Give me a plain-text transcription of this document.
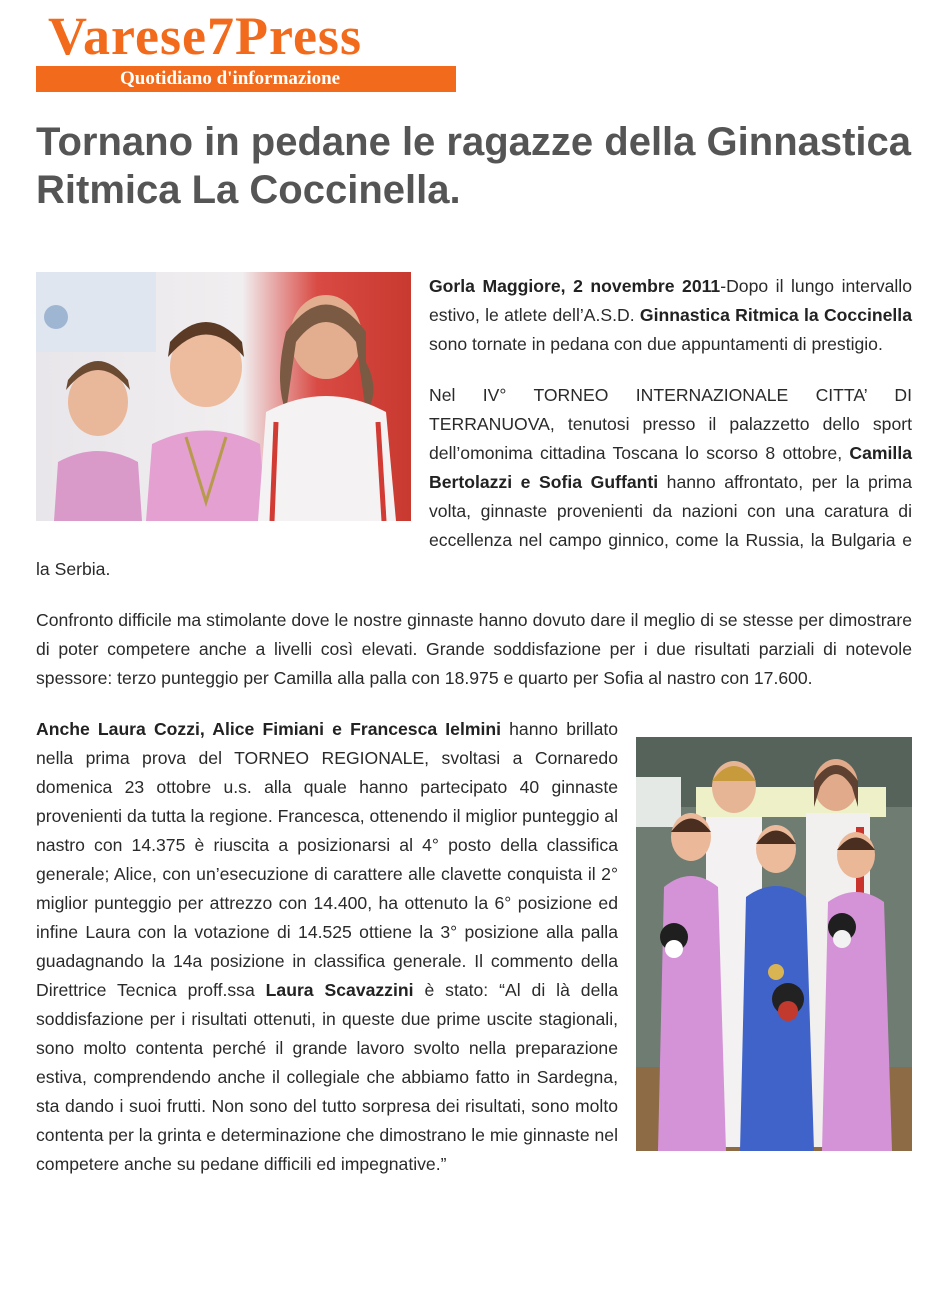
Varese7Press
Quotidiano d'informazione
Tornano in pedane le ragazze della Ginnastica Ritmica La Coccinella.

Gorla Maggiore, 2 novembre 2011-Dopo il lungo intervallo estivo, le atlete dell’A.S.D. Ginnastica Ritmica la Coccinella sono tornate in pedana con due appuntamenti di prestigio.

Nel IV° TORNEO INTERNAZIONALE CITTA’ DI TERRANUOVA, tenutosi presso il palazzetto dello sport dell’omonima cittadina Toscana lo scorso 8 ottobre, Camilla Bertolazzi e Sofia Guffanti hanno affrontato, per la prima volta, ginnaste provenienti da nazioni con una caratura di eccellenza nel campo ginnico, come la Russia, la Bulgaria e la Serbia.

Confronto difficile ma stimolante dove le nostre ginnaste hanno dovuto dare il meglio di se stesse per dimostrare di poter competere anche a livelli così elevati. Grande soddisfazione per i due risultati parziali di notevole spessore: terzo punteggio per Camilla alla palla con 18.975 e quarto per Sofia al nastro con 17.600.

Anche Laura Cozzi, Alice Fimiani e Francesca Ielmini hanno brillato nella prima prova del TORNEO REGIONALE, svoltasi a Cornaredo domenica 23 ottobre u.s. alla quale hanno partecipato 40 ginnaste provenienti da tutta la regione. Francesca, ottenendo il miglior punteggio al nastro con 14.375 è riuscita a posizionarsi al 4° posto della classifica generale; Alice, con un’esecuzione di carattere alle clavette conquista il 2° miglior punteggio per attrezzo con 14.400, ha ottenuto la 6° posizione ed infine Laura con la votazione di 14.525 ottiene la 3° posizione alla palla guadagnando la 14a posizione in classifica generale. Il commento della Direttrice Tecnica proff.ssa Laura Scavazzini è stato: “Al di là della soddisfazione per i risultati ottenuti, in queste due prime uscite stagionali, sono molto contenta perché il grande lavoro svolto nella preparazione estiva, comprendendo anche il collegiale che abbiamo fatto in Sardegna, sta dando i suoi frutti. Non sono del tutto sorpresa dei risultati, sono molto contenta per la grinta e determinazione che dimostrano le mie ginnaste nel competere anche su pedane difficili ed impegnative.”
